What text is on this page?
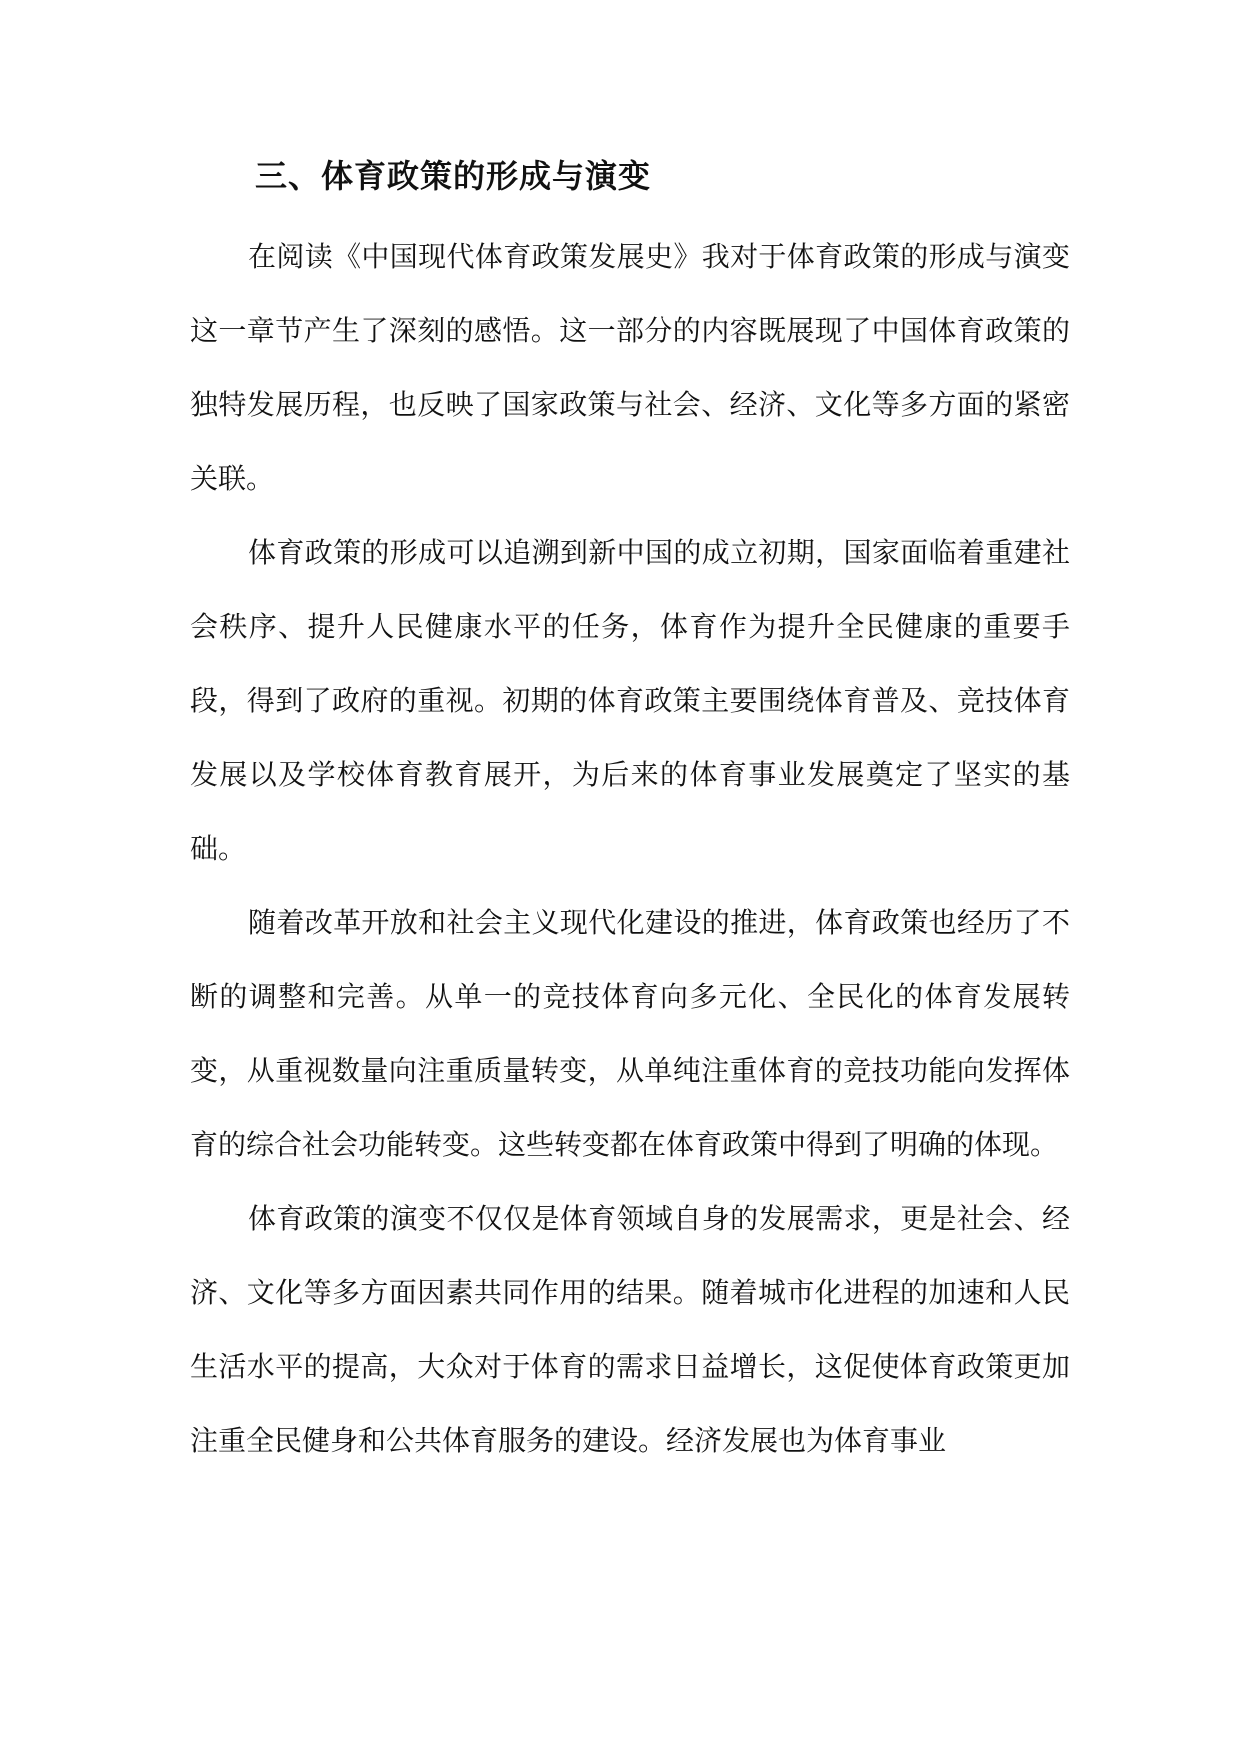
三、体育政策的形成与演变

在阅读《中国现代体育政策发展史》我对于体育政策的形成与演变这一章节产生了深刻的感悟。这一部分的内容既展现了中国体育政策的独特发展历程，也反映了国家政策与社会、经济、文化等多方面的紧密关联。

体育政策的形成可以追溯到新中国的成立初期，国家面临着重建社会秩序、提升人民健康水平的任务，体育作为提升全民健康的重要手段，得到了政府的重视。初期的体育政策主要围绕体育普及、竞技体育发展以及学校体育教育展开，为后来的体育事业发展奠定了坚实的基础。

随着改革开放和社会主义现代化建设的推进，体育政策也经历了不断的调整和完善。从单一的竞技体育向多元化、全民化的体育发展转变，从重视数量向注重质量转变，从单纯注重体育的竞技功能向发挥体育的综合社会功能转变。这些转变都在体育政策中得到了明确的体现。

体育政策的演变不仅仅是体育领域自身的发展需求，更是社会、经济、文化等多方面因素共同作用的结果。随着城市化进程的加速和人民生活水平的提高，大众对于体育的需求日益增长，这促使体育政策更加注重全民健身和公共体育服务的建设。经济发展也为体育事业
